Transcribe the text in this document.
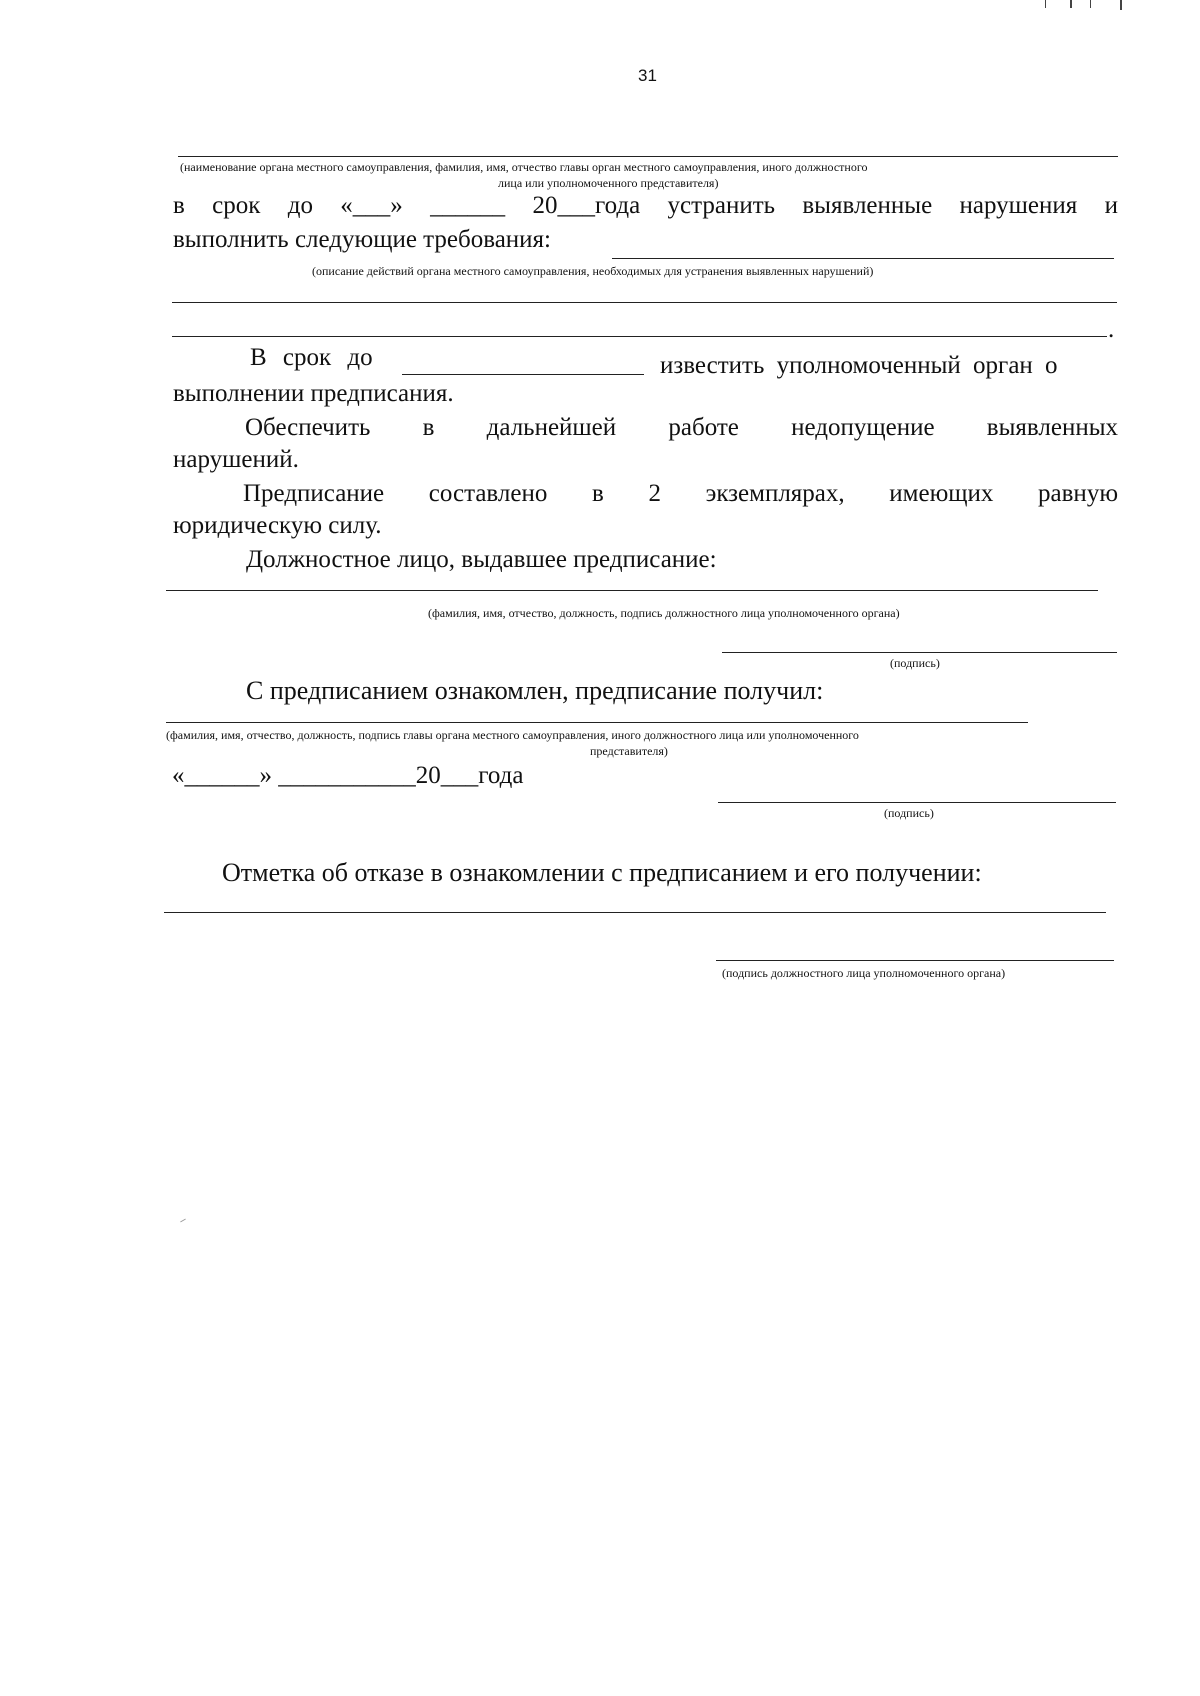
31
(наименование органа местного самоуправления, фамилия, имя, отчество главы орган местного самоуправления, иного должностного
лица или уполномоченного представителя)
в срок до «___» ______ 20___года устранить выявленные нарушения и
выполнить следующие требования:
(описание действий органа местного самоуправления, необходимых для устранения выявленных нарушений)
.
В срок до	известить уполномоченный орган о
выполнении предписания.
Обеспечить в дальнейшей работе недопущение выявленных
нарушений.
Предписание составлено в 2 экземплярах, имеющих равную
юридическую силу.
Должностное лицо, выдавшее предписание:
(фамилия, имя, отчество, должность, подпись должностного лица уполномоченного органа)
(подпись)
С предписанием ознакомлен, предписание получил:
(фамилия, имя, отчество, должность, подпись главы органа местного самоуправления, иного должностного лица или уполномоченного
представителя)
«______» ___________20___года
(подпись)
Отметка об отказе в ознакомлении с предписанием и его получении:
(подпись должностного лица уполномоченного органа)
